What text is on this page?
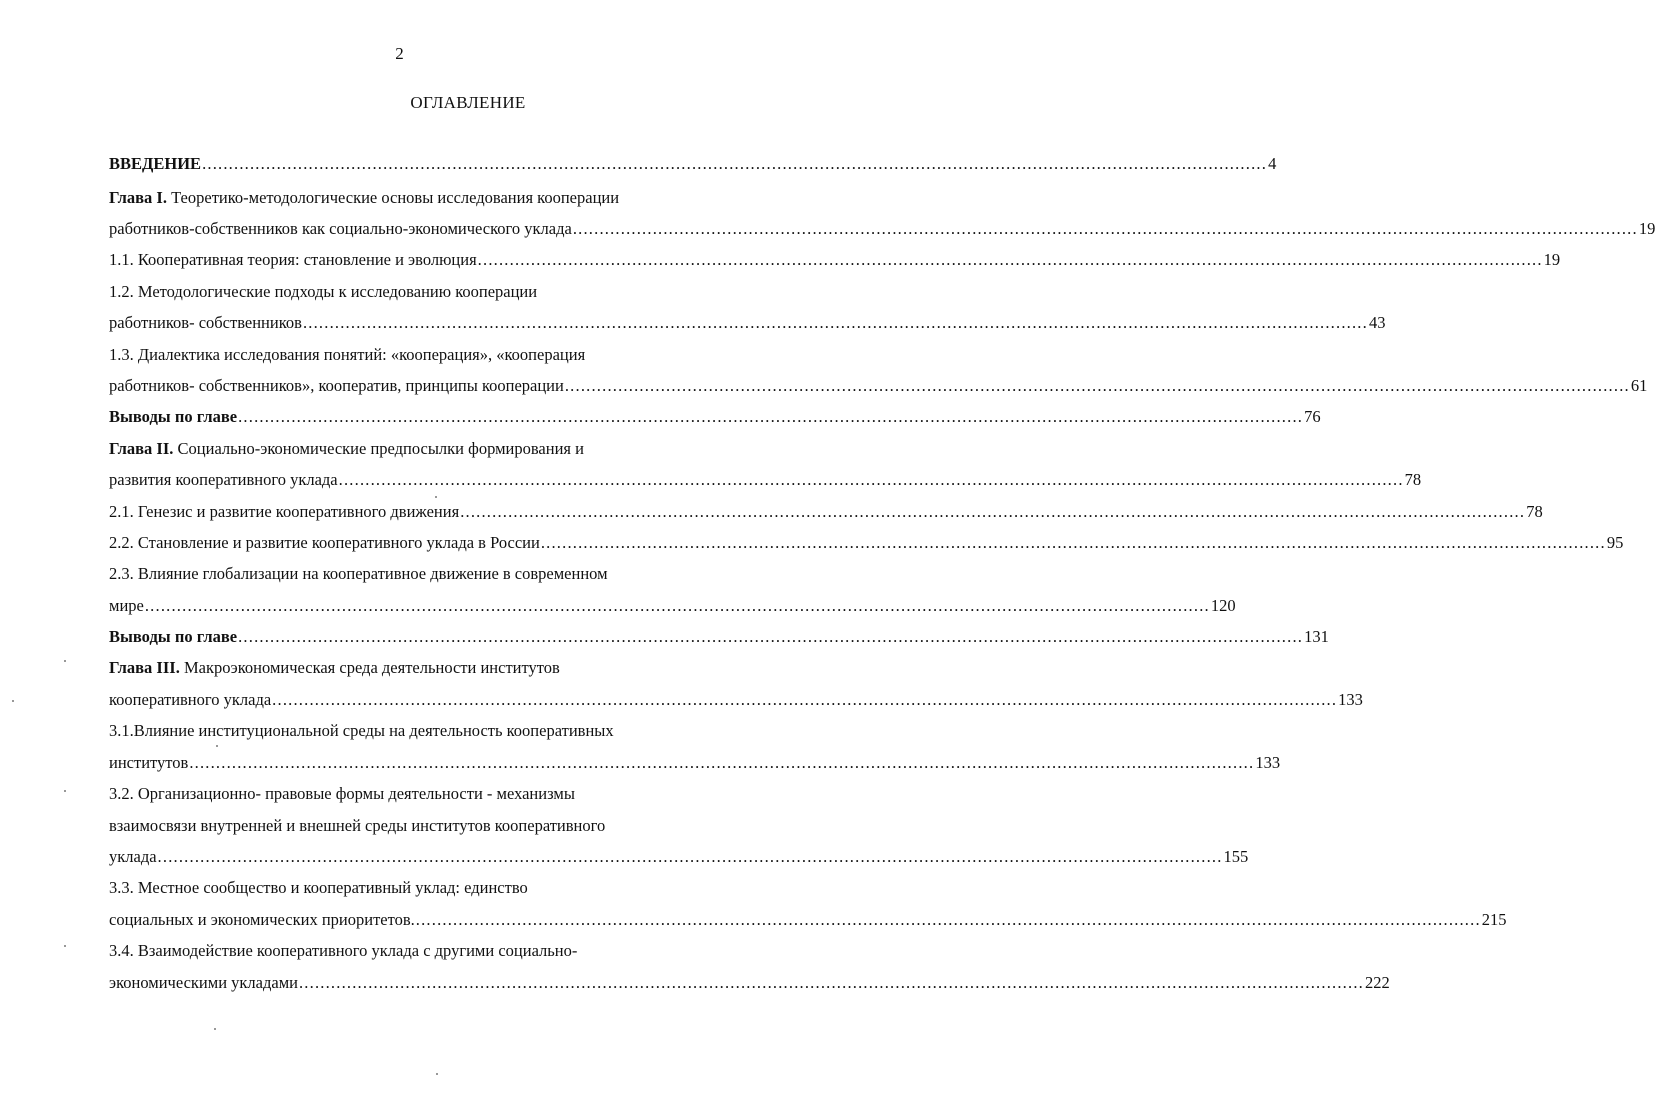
2
ОГЛАВЛЕНИЕ
ВВЕДЕНИЕ ........................................................................................................................................................................................................ 4
Глава I. Теоретико-методологические основы исследования кооперации
работников-собственников как социально-экономического уклада ........................................................................................................................................................................................................ 19
1.1. Кооперативная теория: становление и эволюция ........................................................................................................................................................................................................ 19
1.2. Методологические подходы к исследованию кооперации
работников- собственников ........................................................................................................................................................................................................ 43
1.3. Диалектика исследования понятий: «кооперация», «кооперация
работников- собственников», кооператив, принципы кооперации ........................................................................................................................................................................................................ 61
Выводы по главе ........................................................................................................................................................................................................ 76
Глава II. Социально-экономические предпосылки формирования и
развития кооперативного уклада ........................................................................................................................................................................................................ 78
2.1. Генезис и развитие кооперативного движения ........................................................................................................................................................................................................ 78
2.2. Становление и развитие кооперативного уклада в России ........................................................................................................................................................................................................ 95
2.3. Влияние глобализации на кооперативное движение в современном
мире ........................................................................................................................................................................................................ 120
Выводы по главе ........................................................................................................................................................................................................ 131
Глава III. Макроэкономическая среда деятельности институтов
кооперативного уклада ........................................................................................................................................................................................................ 133
3.1.Влияние институциональной среды на деятельность кооперативных
институтов ........................................................................................................................................................................................................ 133
3.2. Организационно- правовые формы деятельности - механизмы
взаимосвязи внутренней и внешней среды институтов кооперативного
уклада ........................................................................................................................................................................................................ 155
3.3. Местное сообщество и кооперативный уклад: единство
социальных и экономических приоритетов. ........................................................................................................................................................................................................ 215
3.4. Взаимодействие кооперативного уклада с другими социально-
экономическими укладами ........................................................................................................................................................................................................ 222
